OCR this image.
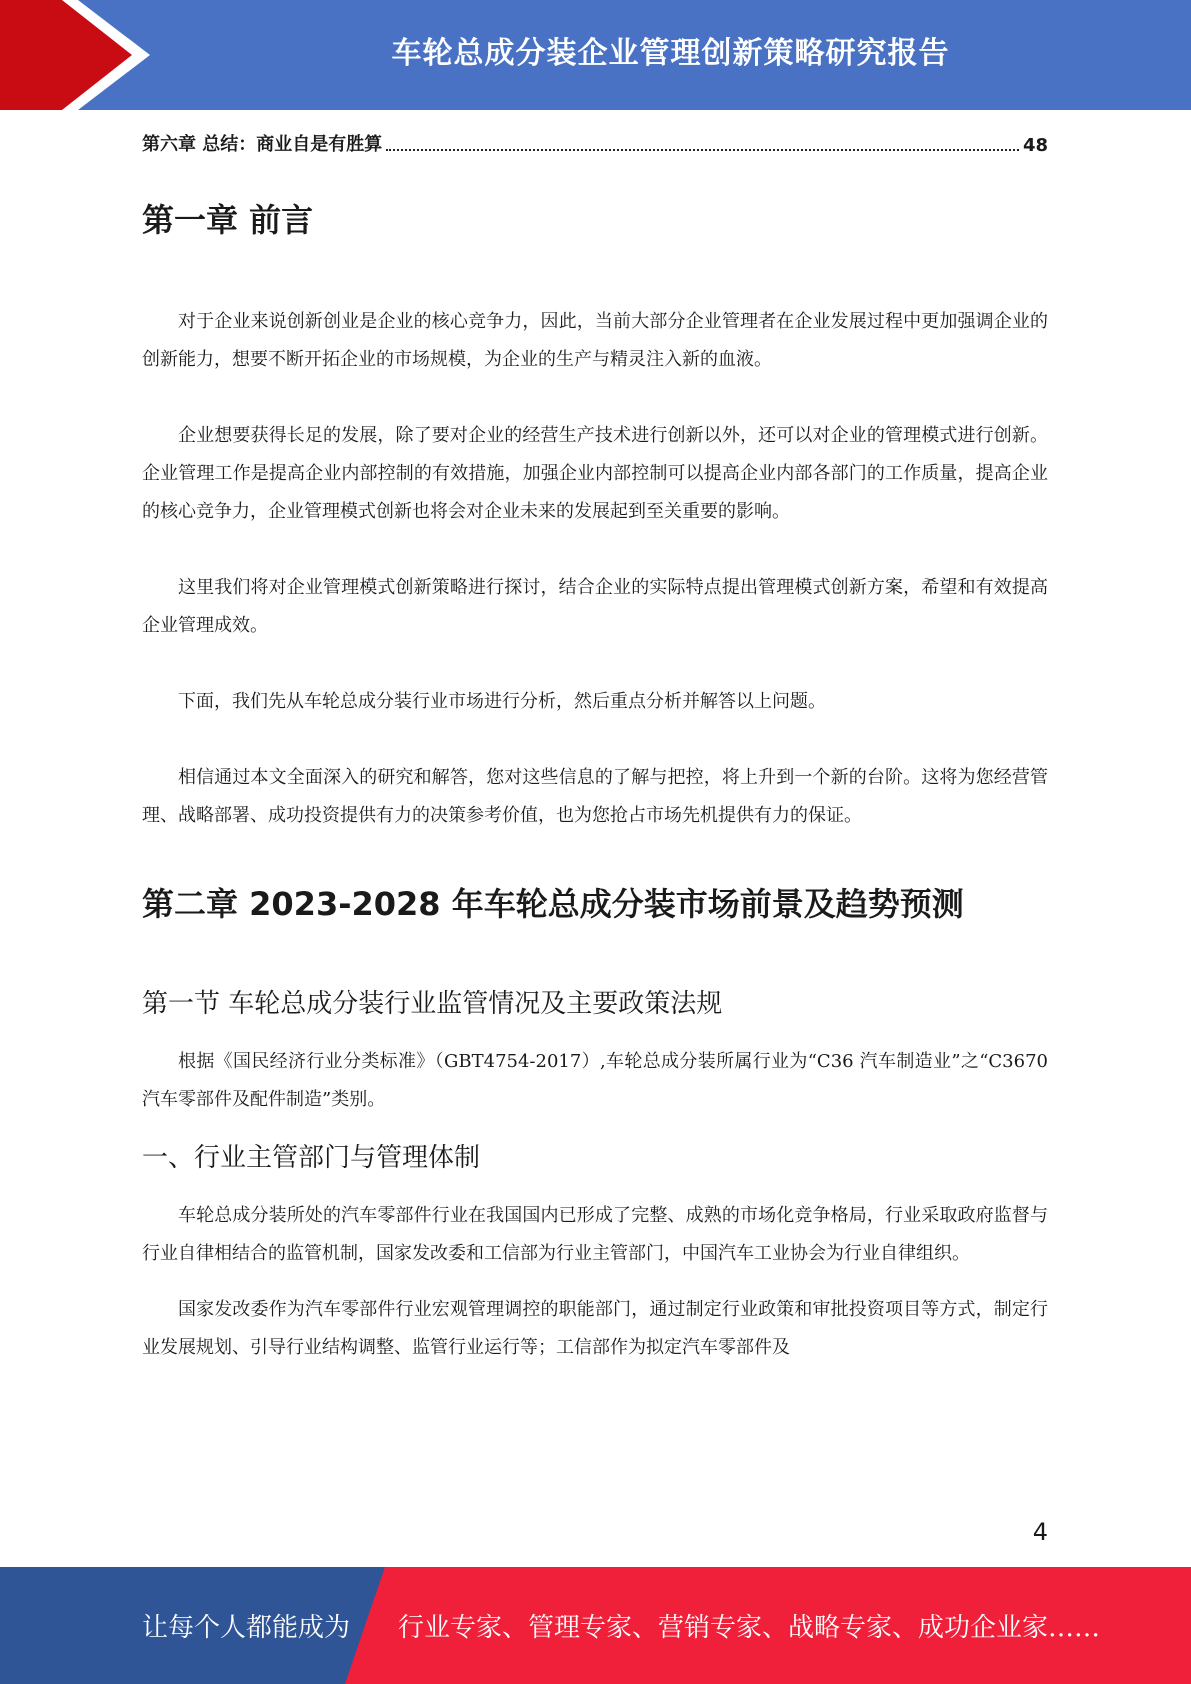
车轮总成分装企业管理创新策略研究报告
第六章 总结：商业自是有胜算	48
第一章 前言

对于企业来说创新创业是企业的核心竞争力，因此，当前大部分企业管理者在企业发展过程中更加强调企业的创新能力，想要不断开拓企业的市场规模，为企业的生产与精灵注入新的血液。

企业想要获得长足的发展，除了要对企业的经营生产技术进行创新以外，还可以对企业的管理模式进行创新。企业管理工作是提高企业内部控制的有效措施，加强企业内部控制可以提高企业内部各部门的工作质量，提高企业的核心竞争力，企业管理模式创新也将会对企业未来的发展起到至关重要的影响。

这里我们将对企业管理模式创新策略进行探讨，结合企业的实际特点提出管理模式创新方案，希望和有效提高企业管理成效。

下面，我们先从车轮总成分装行业市场进行分析，然后重点分析并解答以上问题。

相信通过本文全面深入的研究和解答，您对这些信息的了解与把控，将上升到一个新的台阶。这将为您经营管理、战略部署、成功投资提供有力的决策参考价值，也为您抢占市场先机提供有力的保证。

第二章 2023-2028 年车轮总成分装市场前景及趋势预测
第一节 车轮总成分装行业监管情况及主要政策法规

根据《国民经济行业分类标准》（GBT4754-2017）,车轮总成分装所属行业为“C36 汽车制造业”之“C3670 汽车零部件及配件制造”类别。

一、行业主管部门与管理体制

车轮总成分装所处的汽车零部件行业在我国国内已形成了完整、成熟的市场化竞争格局，行业采取政府监督与行业自律相结合的监管机制，国家发改委和工信部为行业主管部门，中国汽车工业协会为行业自律组织。

国家发改委作为汽车零部件行业宏观管理调控的职能部门，通过制定行业政策和审批投资项目等方式，制定行业发展规划、引导行业结构调整、监管行业运行等；工信部作为拟定汽车零部件及

4
让每个人都能成为 行业专家、管理专家、营销专家、战略专家、成功企业家……
